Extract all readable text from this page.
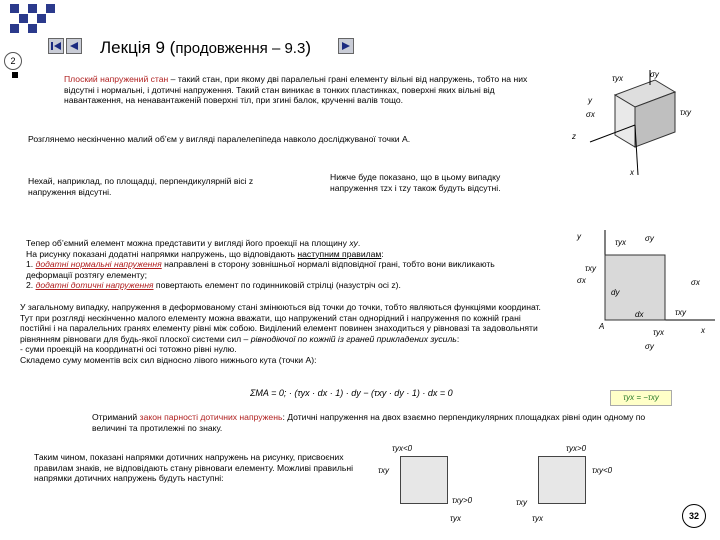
2
Лекція 9 (продовження – 9.3)
Плоский напружений стан – такий стан, при якому дві паралельні грані елементу вільні від напружень, тобто на них відсутні і нормальні, і дотичні напруження. Такий стан виникає в тонких пластинках, поверхні яких вільні від навантаження, на ненавантаженій поверхні тіл, при згині балок, крученні валів тощо.
Розглянемо нескінченно малий об’єм у вигляді паралелепіпеда навколо досліджуваної точки А.
Нехай, наприклад, по площадці, перпендикулярній вісі z напруження відсутні.
Нижче буде показано, що в цьому випадку напруження τzx і τzy також будуть відсутні.
Тепер об’ємний елемент можна представити у вигляді його проекції на площину xy.
На рисунку показані додатні напрямки напружень, що відповідають наступним правилам:
1. додатні нормальні напруження направлені в сторону зовнішньої нормалі відповідної грані, тобто вони викликають деформації розтягу елементу;
2. додатні дотичні напруження повертають елемент по годинниковій стрілці (назустріч осі z).
У загальному випадку, напруження в деформованому стані змінюються від точки до точки, тобто являються функціями координат. Тут при розгляді нескінченно малого елементу можна вважати, що напружений стан однорідний і напруження по кожній грані постійні і на паралельних гранях елементу рівні між собою. Виділений елемент повинен знаходиться у рівновазі та задовольняти рівнянням рівноваги для будь-якої плоскої системи сил – рівнодіючої по кожній із граней прикладених зусиль:
- суми проекцій на координатні осі тотожно рівні нулю.
Складемо суму моментів всіх сил відносно лівого нижнього кута (точки А):
ΣMA = 0; · (τyx · dx · 1) · dy − (τxy · dy · 1) · dx = 0	τyx = −τxy
Отриманий закон парності дотичних напружень: Дотичні напруження на двох взаємно перпендикулярних площадках рівні один одному по величині та протилежні по знаку.
Таким чином, показані напрямки дотичних напружень на рисунку, присвоєних правилам знаків, не відповідають стану рівноваги елементу. Можливі правильні напрямки дотичних напружень будуть наступні:
τyx	σy
y
σx	τxy
z
x
y
τyx σy
τxy
σx
dy
A
dx
τyx
σy
τxy
σx
x
τyx<0
τxy
τxy>0
τyx
τyx>0
τxy<0
τxy
τyx	32
